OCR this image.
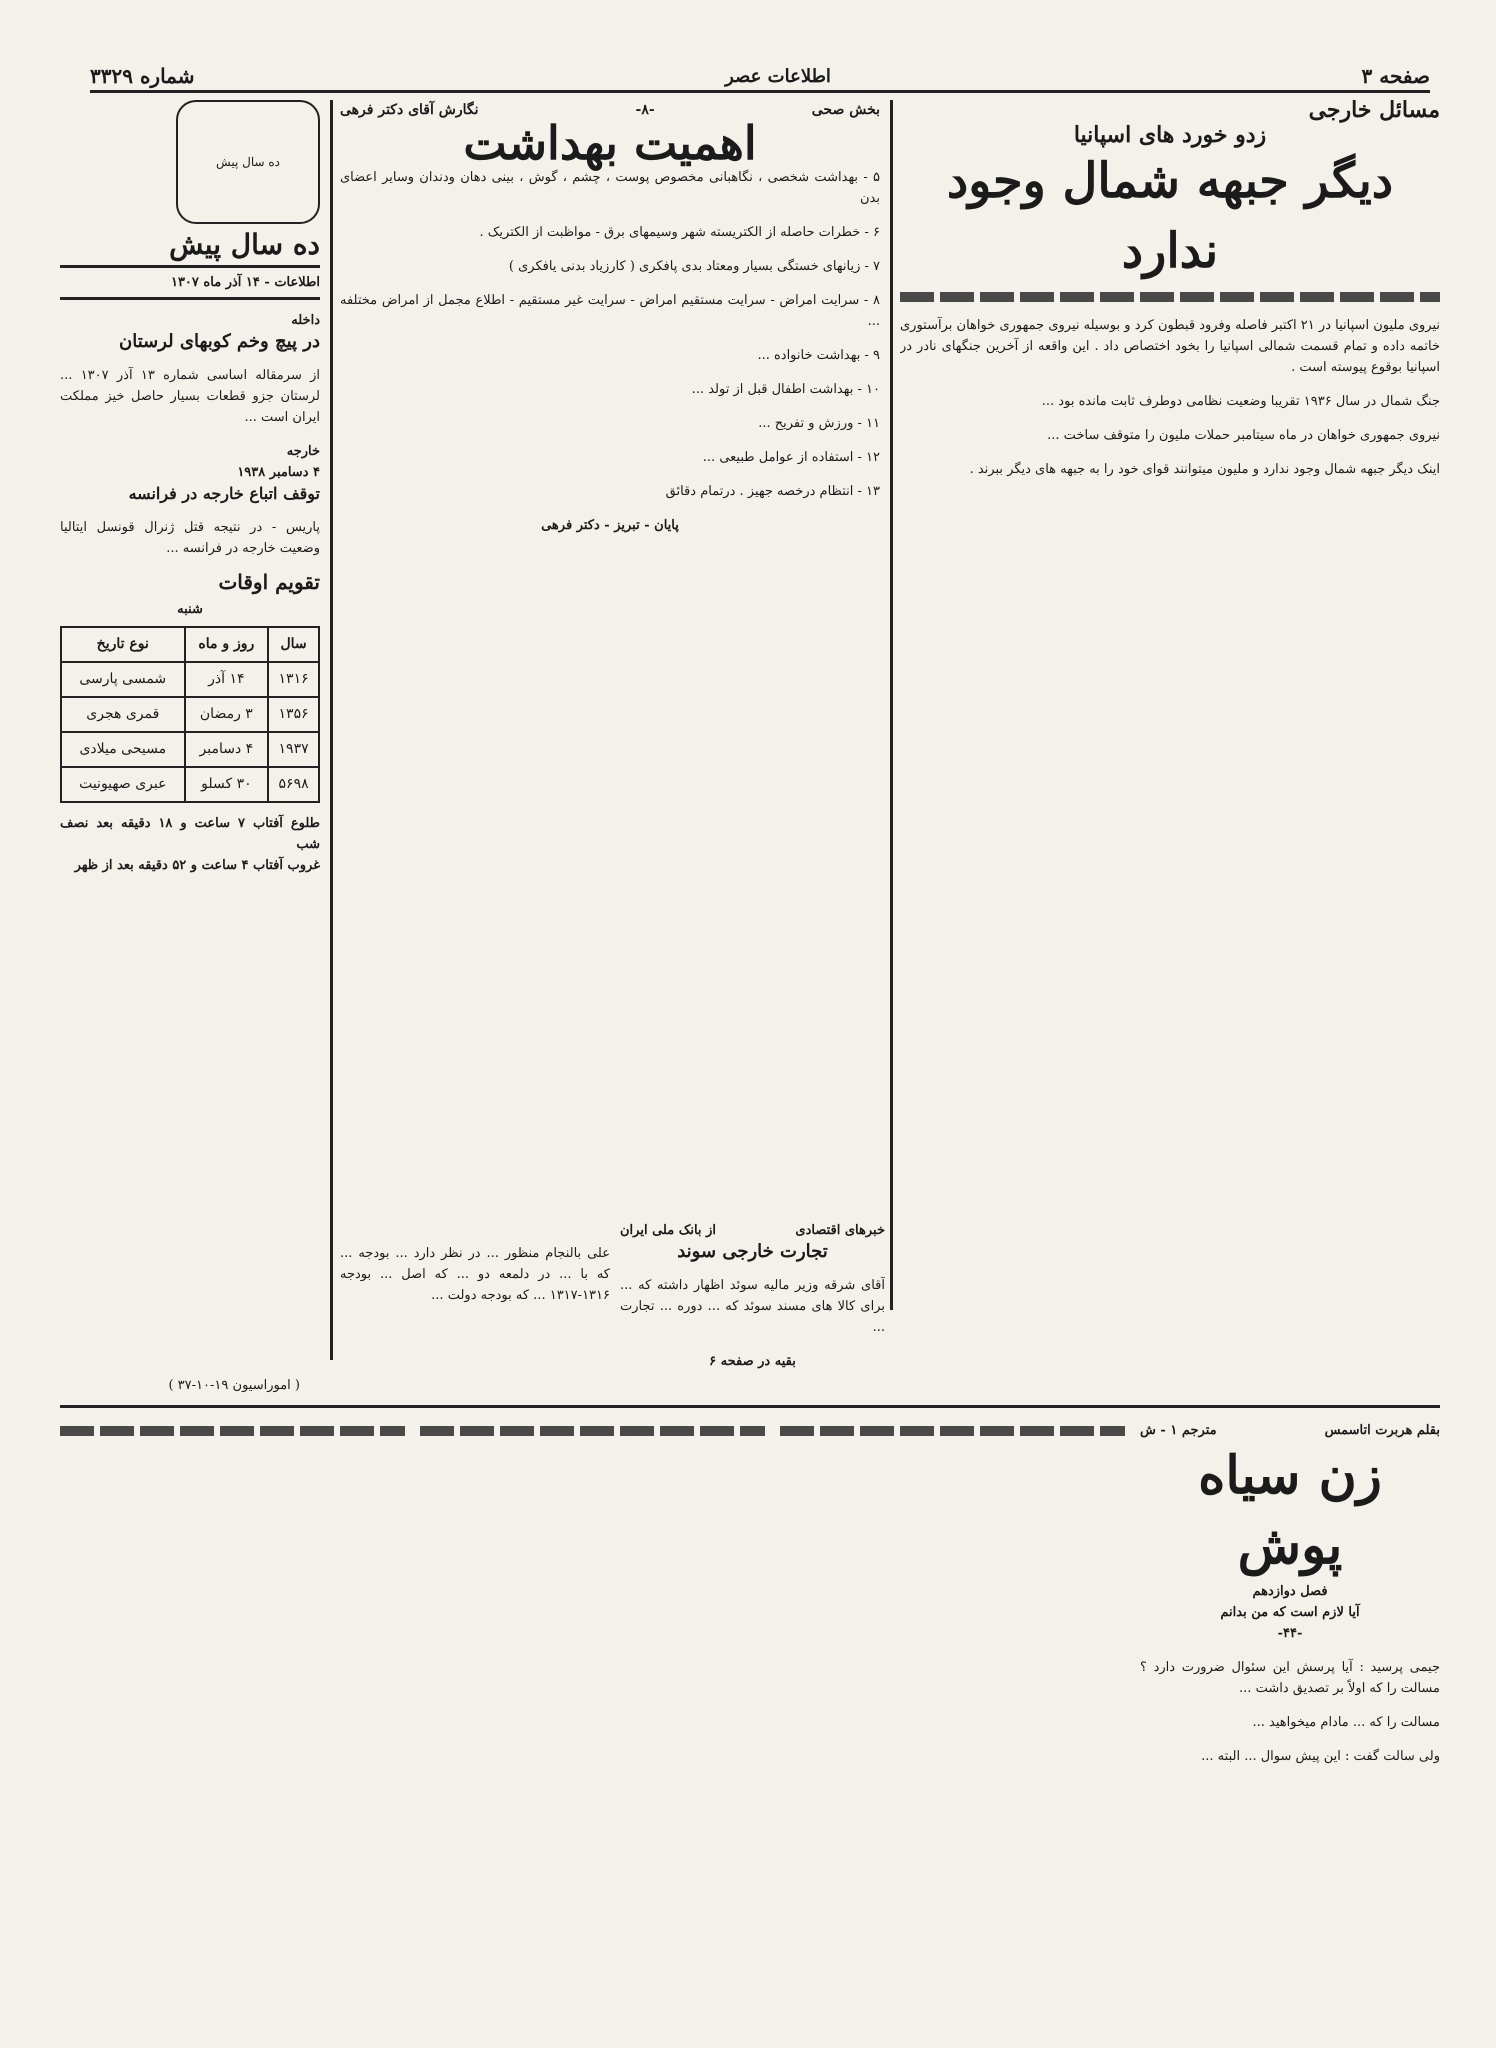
صفحه ۳
اطلاعات عصر
شماره ۳۳۲۹
مسائل خارجی
زدو خورد های اسپانیا
دیگر جبهه شمال وجود ندارد

نیروی ملیون اسپانیا در ۲۱ اکتبر فاصله وفرود قبطون کرد و بوسیله نیروی جمهوری خواهان برآستوری خاتمه داده و تمام قسمت شمالی اسپانیا را بخود اختصاص داد . این واقعه از آخرین جنگهای نادر در اسپانیا بوقوع پیوسته است .

جنگ شمال در سال ۱۹۳۶ تقریبا وضعیت نظامی دوطرف ثابت مانده بود ...

نیروی جمهوری خواهان در ماه سیتامبر حملات ملیون را متوقف ساخت ...

اینک دیگر جبهه شمال وجود ندارد و ملیون میتوانند قوای خود را به جبهه های دیگر ببرند .

بخش صحی
-۸-
نگارش آقای دکتر فرهی
اهمیت بهداشت

۵ - بهداشت شخصی ، نگاهبانی مخصوص پوست ، چشم ، گوش ، بینی دهان ودندان وسایر اعضای بدن

۶ - خطرات حاصله از الکتریسته شهر وسیمهای برق - مواظبت از الکتریک .

۷ - زیانهای خستگی بسیار ومعتاد بدی پافکری ( کارزیاد بدنی یافکری )

۸ - سرایت امراض - سرایت مستقیم امراض - سرایت غیر مستقیم - اطلاع مجمل از امراض مختلفه ...

۹ - بهداشت خانواده ...

۱۰ - بهداشت اطفال قبل از تولد ...

۱۱ - ورزش و تفریح ...

۱۲ - استفاده از عوامل طبیعی ...

۱۳ - انتظام درخصه جهیز . درتمام دقائق

پایان - تبریز - دکتر فرهی
ده سال پیش
ده سال پیش
اطلاعات - ۱۴ آذر ماه ۱۳۰۷
داخله
در پیچ وخم کوبهای لرستان

از سرمقاله اساسی شماره ۱۳ آذر ۱۳۰۷ ... لرستان جزو قطعات بسیار حاصل خیز مملکت ایران است ...

خارجه
۴ دسامبر ۱۹۳۸
توقف اتباع خارجه در فرانسه

پاریس - در نتیجه قتل ژنرال قونسل ایتالیا وضعیت خارجه در فرانسه ...

تقویم اوقات
شنبه
سال	روز و ماه	نوع تاریخ
۱۳۱۶	۱۴ آذر	شمسی پارسی
۱۳۵۶	۳ رمضان	قمری هجری
۱۹۳۷	۴ دسامبر	مسیحی میلادی
۵۶۹۸	۳۰ کسلو	عبری صهیونیت
طلوع آفتاب ۷ ساعت و ۱۸ دقیقه بعد نصف شب
غروب آفتاب ۴ ساعت و ۵۲ دقیقه بعد از ظهر

علی بالنجام منظور ... در نظر دارد ... بودجه ... که با ... در دلمعه دو ... که اصل ... بودجه ۱۳۱۶-۱۳۱۷ ... که بودجه دولت ...

خبرهای اقتصادی
از بانک ملی ایران
تجارت خارجی سوند

آقای شرقه وزیر مالیه سوئد اظهار داشته که ... برای کالا های مسند سوئد که ... دوره ... تجارت ...

بقیه در صفحه ۶
( اموراسیون ۱۹-۱۰-۳۷ )
بقلم هربرت اتاسمس
مترجم ۱ - ش
زن سیاه پوش
فصل دوازدهم
آیا لازم است که من بدانم
-۴۴-

جیمی پرسید : آیا پرسش این سئوال ضرورت دارد ؟ مسالت را که اولاً بر تصدیق داشت ...

مسالت را که ... مادام میخواهید ...

ولی سالت گفت : این پیش سوال ... البته ...
